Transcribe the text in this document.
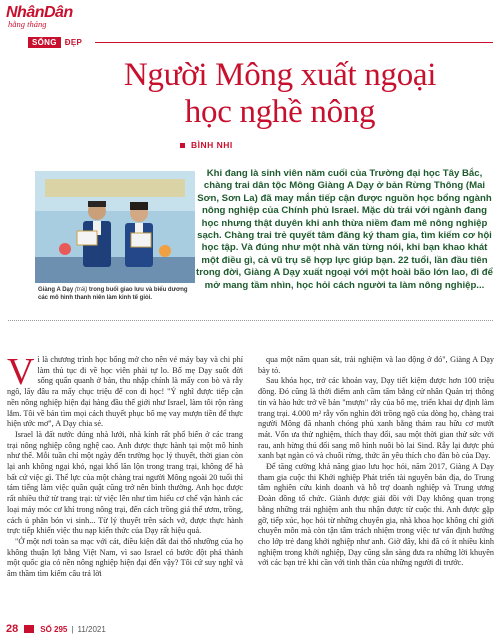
NhânDân
hằng tháng
SỐNG	ĐẸP
Người Mông xuất ngoại
học nghề nông
BÌNH NHI
Giàng A Dạy (trái) trong buổi giao lưu và biểu dương các mô hình thanh niên làm kinh tế giỏi.

Khi đang là sinh viên năm cuối của Trường đại học Tây Bắc, chàng trai dân tộc Mông Giàng A Dạy ở bản Rừng Thông (Mai Sơn, Sơn La) đã may mắn tiếp cận được nguồn học bổng ngành nông nghiệp của Chính phủ Israel. Mặc dù trái với ngành đang học nhưng thật duyên khi anh thừa niềm đam mê nông nghiệp sạch. Chàng trai trẻ quyết tâm đăng ký tham gia, tìm kiếm cơ hội học tập. Và đúng như một nhà văn từng nói, khi bạn khao khát một điều gì, cả vũ trụ sẽ hợp lực giúp bạn. 22 tuổi, lần đầu tiên trong đời, Giàng A Dạy xuất ngoại với một hoài bão lớn lao, đi để mở mang tầm nhìn, học hỏi cách người ta làm nông nghiệp...

V ì là chương trình học bổng mở cho nên vé máy bay và chi phí làm thủ tục đi về học viên phải tự lo. Bố mẹ Dạy suốt đời sống quẩn quanh ở bản, thu nhập chính là mấy con bò và rẫy ngô, lấy đâu ra mấy chục triệu để con đi học! "Ý nghĩ được tiếp cận nền nông nghiệp hiện đại hàng đầu thế giới như Israel, làm tôi rộn ràng lắm. Tôi về bản tìm mọi cách thuyết phục bố mẹ vay mượn tiền để thực hiện ước mơ", A Dạy chia sẻ.

Israel là đất nước đúng nhà lưới, nhà kính rất phổ biến ở các trang trại nông nghiệp công nghệ cao. Anh được thực hành tại một mô hình như thế. Mỗi tuần chỉ một ngày đến trường học lý thuyết, thời gian còn lại anh không ngại khó, ngại khổ lăn lộn trong trang trại, không để hà bất cứ việc gì. Thể lực của một chàng trai người Mông ngoài 20 tuổi thì tám tiếng làm việc quần quật cũng trở nên bình thường. Anh học được rất nhiều thứ từ trang trại: từ việc lên như tìm hiểu cơ chế vận hành các loại máy móc cơ khí trong nông trại, đến cách trồng giá thể ươm, trồng, cách ủ phân bón vi sinh... Từ lý thuyết trên sách vở, được thực hành trực tiếp khiến việc thu nạp kiến thức của Dạy rất hiệu quả.

"Ở một nơi toàn sa mạc với cát, điều kiện đất đai thổ nhưỡng của họ không thuận lợi bằng Việt Nam, vì sao Israel có bước đột phá thành một quốc gia có nền nông nghiệp hiện đại đến vậy? Tôi cứ suy nghĩ và âm thầm tìm kiếm câu trả lời

qua một năm quan sát, trải nghiệm và lao động ở đó", Giàng A Dạy bày tỏ.

Sau khóa học, trở các khoản vay, Dạy tiết kiệm được hơn 100 triệu đồng. Đó cũng là thời điểm anh cầm tấm bằng cử nhân Quản trị thông tin và hào hức trở về bản "mượn" rẫy của bố mẹ, triển khai dự định làm trang trại. 4.000 m² rẫy vốn nghìn đời trồng ngô của dòng họ, chàng trai người Mông đã nhanh chóng phủ xanh bằng thảm rau hữu cơ mướt mát. Vốn ưa thử nghiệm, thích thay đổi, sau một thời gian thử sức với rau, anh hừng thú đổi sang mô hình nuôi bò lai Sind. Rẫy lại được phủ xanh bạt ngàn cỏ và chuối rừng, thức ăn yêu thích cho đàn bò của Dạy.

Để tăng cường khả năng giao lưu học hỏi, năm 2017, Giàng A Dạy tham gia cuộc thi Khởi nghiệp Phát triển tài nguyên bản địa, do Trung tâm nghiên cứu kinh doanh và hỗ trợ doanh nghiệp và Trung ương Đoàn đồng tổ chức. Giành được giải đồi với Dạy không quan trọng bằng những trải nghiệm anh thu nhận được từ cuộc thi. Anh được gặp gỡ, tiếp xúc, học hỏi từ những chuyên gia, nhà khoa học không chỉ giới chuyên môn mà còn tận tâm trách nhiệm trong việc tư vấn định hướng cho lớp trẻ đang khởi nghiệp như anh. Giờ đây, khi đã có ít nhiều kinh nghiệm trong khởi nghiệp, Dạy cũng sẵn sàng đưa ra những lời khuyên với các bạn trẻ khi cần với tinh thần của những người đi trước.

28	SỐ 295 | 11/2021
